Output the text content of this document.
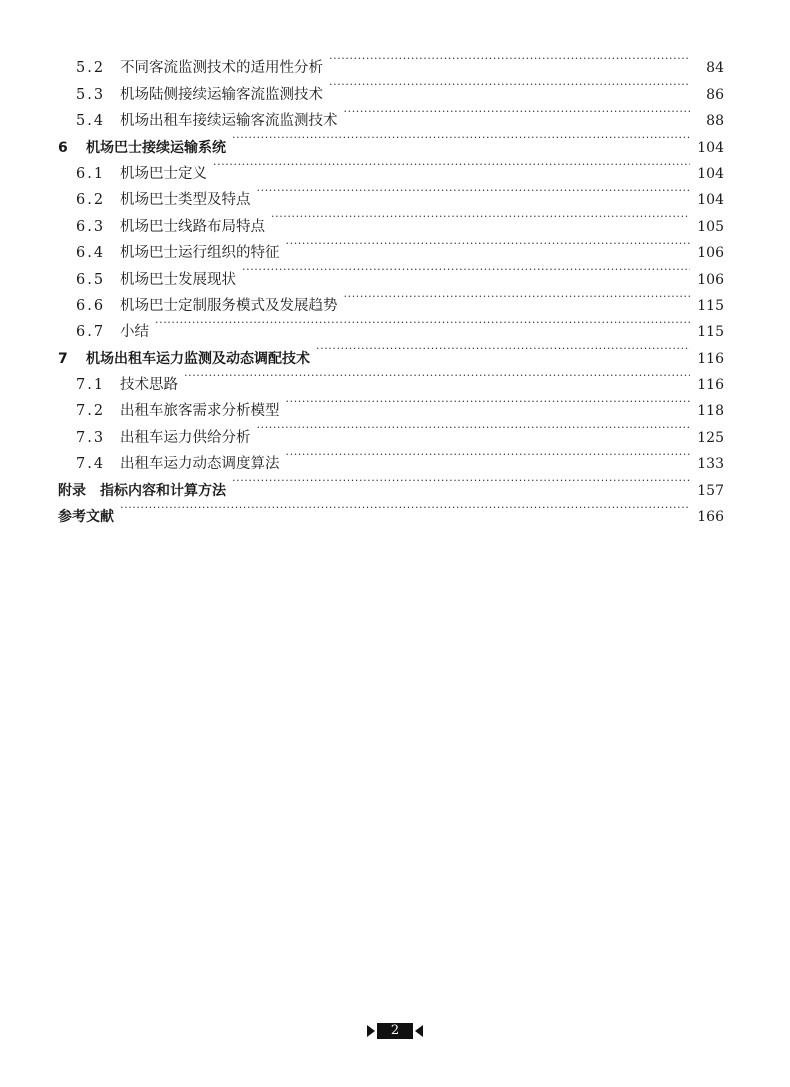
5.2	不同客流监测技术的适用性分析 ·····	84
5.3	机场陆侧接续运输客流监测技术 ·····	86
5.4	机场出租车接续运输客流监测技术 ·····	88
6	机场巴士接续运输系统 ·····	104
6.1	机场巴士定义 ·····	104
6.2	机场巴士类型及特点 ·····	104
6.3	机场巴士线路布局特点 ·····	105
6.4	机场巴士运行组织的特征 ·····	106
6.5	机场巴士发展现状 ·····	106
6.6	机场巴士定制服务模式及发展趋势 ·····	115
6.7	小结 ·····	115
7	机场出租车运力监测及动态调配技术 ·····	116
7.1	技术思路 ·····	116
7.2	出租车旅客需求分析模型 ·····	118
7.3	出租车运力供给分析 ·····	125
7.4	出租车运力动态调度算法 ·····	133
附录　指标内容和计算方法 ·····	157
参考文献 ·····	166
2
